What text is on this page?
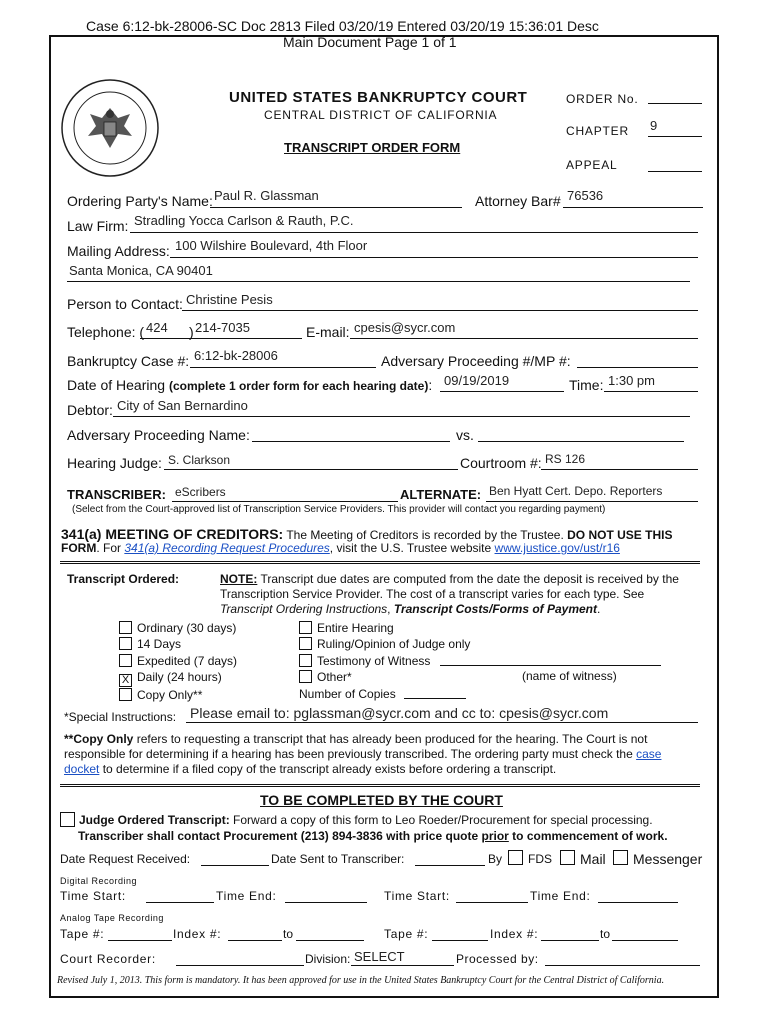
Case 6:12-bk-28006-SC Doc 2813 Filed 03/20/19 Entered 03/20/19 15:36:01 Desc
Main Document Page 1 of 1
UNITED STATES BANKRUPTCY COURT
CENTRAL DISTRICT OF CALIFORNIA
TRANSCRIPT ORDER FORM
ORDER No.
CHAPTER 9
APPEAL
Ordering Party's Name: Paul R. Glassman	Attorney Bar# 76536
Law Firm: Stradling Yocca Carlson & Rauth, P.C.
Mailing Address: 100 Wilshire Boulevard, 4th Floor
Santa Monica, CA 90401
Person to Contact: Christine Pesis
Telephone: ( 424 ) 214-7035	E-mail: cpesis@sycr.com
Bankruptcy Case #: 6:12-bk-28006	Adversary Proceeding #/MP #:
Date of Hearing (complete 1 order form for each hearing date): 09/19/2019	Time: 1:30 pm
Debtor: City of San Bernardino
Adversary Proceeding Name:	vs.
Hearing Judge: S. Clarkson	Courtroom #: RS 126
TRANSCRIBER: eScribers	ALTERNATE: Ben Hyatt Cert. Depo. Reporters
(Select from the Court-approved list of Transcription Service Providers. This provider will contact you regarding payment)
341(a) MEETING OF CREDITORS: The Meeting of Creditors is recorded by the Trustee. DO NOT USE THIS
FORM. For 341(a) Recording Request Procedures, visit the U.S. Trustee website www.justice.gov/ust/r16
Transcript Ordered:	NOTE: Transcript due dates are computed from the date the deposit is received by the
Transcription Service Provider. The cost of a transcript varies for each type. See
Transcript Ordering Instructions, Transcript Costs/Forms of Payment.
Ordinary (30 days)
14 Days
Expedited (7 days)
X Daily (24 hours)
Copy Only**
Entire Hearing
Ruling/Opinion of Judge only
Testimony of Witness
Other*
Number of Copies
(name of witness)
*Special Instructions: Please email to: pglassman@sycr.com and cc to: cpesis@sycr.com
**Copy Only refers to requesting a transcript that has already been produced for the hearing. The Court is not
responsible for determining if a hearing has been previously transcribed. The ordering party must check the case
docket to determine if a filed copy of the transcript already exists before ordering a transcript.
TO BE COMPLETED BY THE COURT
Judge Ordered Transcript: Forward a copy of this form to Leo Roeder/Procurement for special processing.
Transcriber shall contact Procurement (213) 894-3836 with price quote prior to commencement of work.
Date Request Received:	Date Sent to Transcriber:	By FDS Mail Messenger
Digital Recording
Time Start:	Time End:	Time Start:	Time End:
Analog Tape Recording
Tape #:	Index #:	to	Tape #:	Index #:	to
Court Recorder:	Division: SELECT	Processed by:
Revised July 1, 2013. This form is mandatory. It has been approved for use in the United States Bankruptcy Court for the Central District of California.
